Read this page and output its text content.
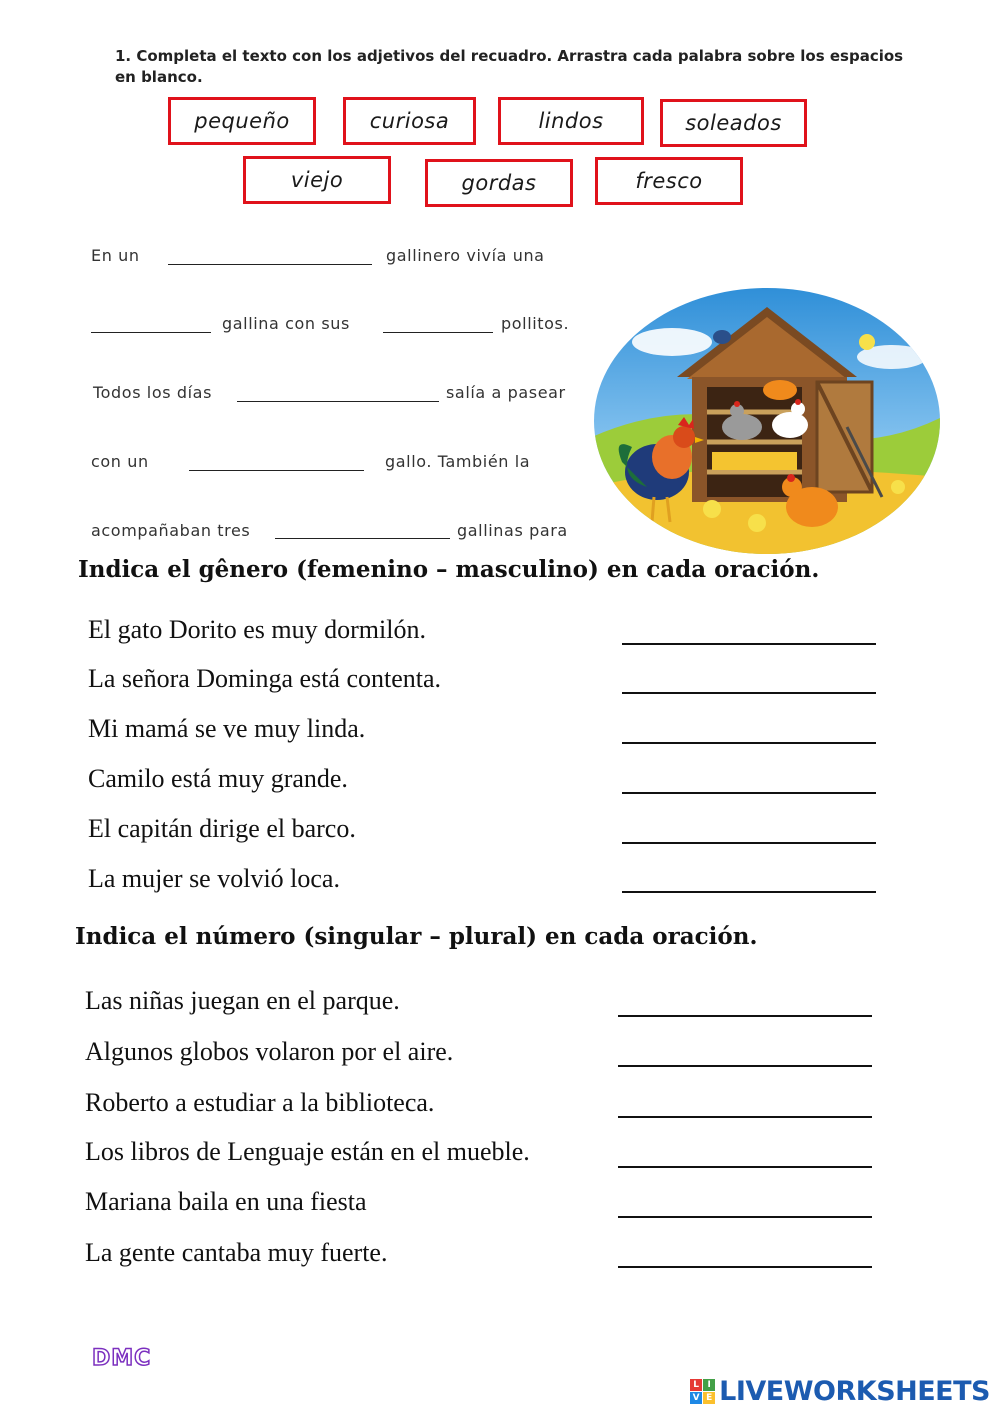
1. Completa el texto con los adjetivos del recuadro. Arrastra cada palabra sobre los espacios en blanco.
pequeño	curiosa	lindos	soleados
viejo	gordas	fresco
En un	gallinero vivía una
gallina con sus	pollitos.
Todos los días	salía a pasear
con un	gallo. También la
acompañaban tres	gallinas para
Indica el gênero (femenino – masculino) en cada oración.
El gato Dorito es muy dormilón.
La señora Dominga está contenta.
Mi mamá se ve muy linda.
Camilo está muy grande.
El capitán dirige el barco.
La mujer se volvió loca.
Indica el número (singular – plural) en cada oración.
Las niñas juegan en el parque.
Algunos globos volaron por el aire.
Roberto a estudiar a la biblioteca.
Los libros de Lenguaje están en el mueble.
Mariana baila en una fiesta
La gente cantaba muy fuerte.
DMC
L I
V E LIVEWORKSHEETS
